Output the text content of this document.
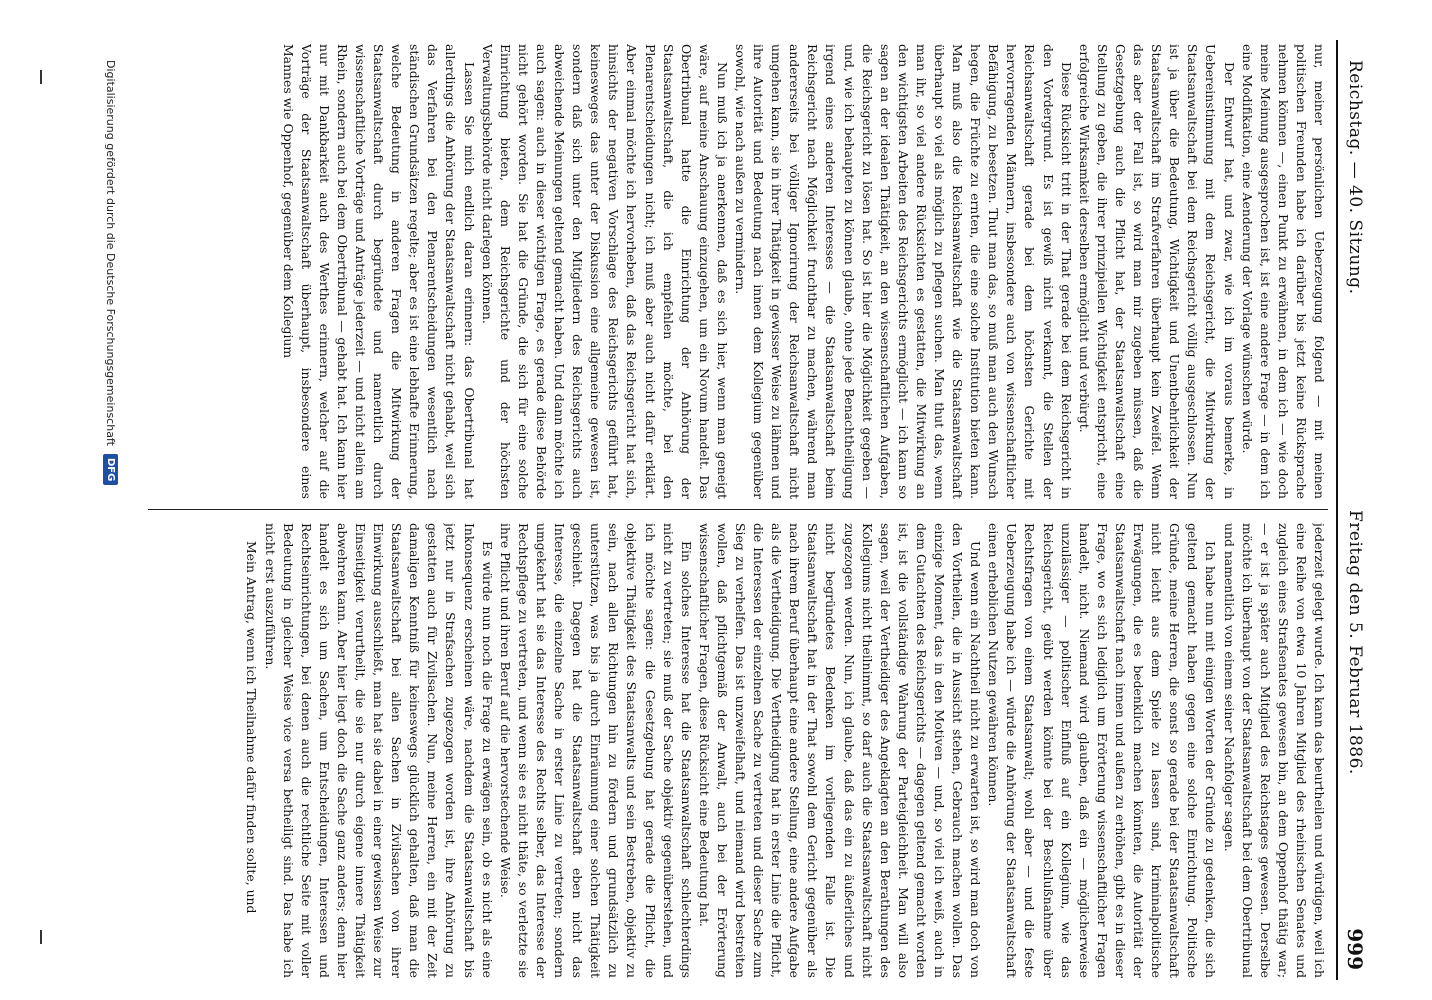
Reichstag. — 40. Sitzung.
Freitag den 5. Februar 1886.
999

nur, meiner persönlichen Ueberzeugung folgend — mit meinen politischen Freunden habe ich darüber bis jetzt keine Rücksprache nehmen können —, einen Punkt zu erwähnen, in dem ich — wie doch meine Meinung ausgesprochen ist, ist eine andere Frage — in dem ich eine Modifikation, eine Aenderung der Vorlage wünschen würde.

Der Entwurf hat, und zwar, wie ich im voraus bemerke, in Uebereinstimmung mit dem Reichsgericht, die Mitwirkung der Staatsanwaltschaft bei dem Reichsgericht völlig ausgeschlossen. Nun ist ja über die Bedeutung, Wichtigkeit und Unentbehrlichkeit der Staatsanwaltschaft im Strafverfahren überhaupt kein Zweifel. Wenn das aber der Fall ist, so wird man mir zugeben müssen, daß die Gesetzgebung auch die Pflicht hat, der Staatsanwaltschaft eine Stellung zu geben, die ihrer prinzipiellen Wichtigkeit entspricht, eine erfolgreiche Wirksamkeit derselben ermöglicht und verbürgt.

Diese Rücksicht tritt in der That gerade bei dem Reichsgericht in den Vordergrund. Es ist gewiß nicht verkannt, die Stellen der Reichsanwaltschaft gerade bei dem höchsten Gerichte mit hervorragenden Männern, insbesondere auch von wissenschaftlicher Befähigung, zu besetzen. Thut man das, so muß man auch den Wunsch hegen, die Früchte zu ernten, die eine solche Institution bieten kann. Man muß also die Reichsanwaltschaft wie die Staatsanwaltschaft überhaupt so viel als möglich zu pflegen suchen. Man thut das, wenn man ihr, so viel andere Rücksichten es gestatten, die Mitwirkung an den wichtigsten Arbeiten des Reichsgerichts ermöglicht — ich kann so sagen an der idealen Thätigkeit, an den wissenschaftlichen Aufgaben, die Reichsgericht zu lösen hat. So ist hier die Möglichkeit gegeben — und, wie ich behaupten zu können glaube, ohne jede Benachtheiligung irgend eines anderen Interesses — die Staatsanwaltschaft beim Reichsgericht nach Möglichkeit fruchtbar zu machen, während man andererseits bei völliger Ignorirung der Reichsanwaltschaft nicht umgehen kann, sie in ihrer Thätigkeit in gewisser Weise zu lähmen und ihre Autorität und Bedeutung nach innen dem Kollegium gegenüber sowohl, wie nach außen zu vermindern.

Nun muß ich ja anerkennen, daß es sich hier, wenn man geneigt wäre, auf meine Anschauung einzugehen, um ein Novum handelt. Das Obertribunal hatte die Einrichtung der Anhörung der Staatsanwaltschaft, die ich empfehlen möchte, bei den Plenarentscheidungen nicht; ich muß aber auch nicht dafür erklärt. Aber einmal möchte ich hervorheben, daß das Reichsgericht hat sich, hinsichts der negativen Vorschlage des Reichsgerichts geführt hat, keinesweges das unter der Diskussion eine allgemeine gewesen ist, sondern daß sich unter den Mitgliedern des Reichsgerichts auch abweichende Meinungen geltend gemacht haben. Und dann möchte ich auch sagen: auch in dieser wichtigen Frage, es gerade diese Behörde nicht gehört worden. Sie hat die Gründe, die sich für eine solche Einrichtung bieten, dem Reichsgerichte und der höchsten Verwaltungsbehörde nicht darlegen können.

Lassen Sie mich endlich daran erinnern: das Obertribunal hat allerdings die Anhörung der Staatsanwaltschaft nicht gehabt, weil sich das Verfahren bei den Plenarentscheidungen wesentlich nach ständischen Grundsätzen regelte; aber es ist eine lebhafte Erinnerung, welche Bedeutung in anderen Fragen die Mitwirkung der Staatsanwaltschaft durch begründete und namentlich durch wissenschaftliche Vorträge und Anträge jederzeit — und nicht allein am Rhein, sondern auch bei dem Obertribunal — gehabt hat. Ich kann hier nur mit Dankbarkeit auch des Werthes erinnern, welcher auf die Vorträge der Staatsanwaltschaft überhaupt, insbesondere eines Mannes wie Oppenhof, gegenüber dem Kollegium

jederzeit gelegt wurde. Ich kann das beurtheilen und würdigen, weil ich eine Reihe von etwa 10 Jahren Mitglied des rheinischen Senates und zugleich eines Strafsenates gewesen bin, an dem Oppenhof thätig war; — er ist ja später auch Mitglied des Reichstages gewesen. Derselbe möchte ich überhaupt von der Staatsanwaltschaft bei dem Obertribunal und namentlich von einem seiner Nachfolger sagen.

Ich habe nun mit einigen Worten der Gründe zu gedenken, die sich geltend gemacht haben gegen eine solche Einrichtung. Politische Gründe, meine Herren, die sonst so gerade bei der Staatsanwaltschaft nicht leicht aus dem Spiele zu lassen sind, kriminalpolitische Erwägungen, die es bedenklich machen könnten, die Autorität der Staatsanwaltschaft nach innen und außen zu erhöhen, gibt es in dieser Frage, wo es sich lediglich um Erörterung wissenschaftlicher Fragen handelt, nicht. Niemand wird glauben, daß ein — möglicherweise unzulässiger — politischer Einfluß auf ein Kollegium, wie das Reichsgericht, geübt werden könnte bei der Beschlußnahme über Rechtsfragen von einem Staatsanwalt; wohl aber — und die feste Ueberzeugung habe ich — würde die Anhörung der Staatsanwaltschaft einen erheblichen Nutzen gewähren können.

Und wenn ein Nachtheil nicht zu erwarten ist, so wird man doch von den Vortheilen, die in Aussicht stehen, Gebrauch machen wollen. Das einzige Moment, das in den Motiven — und, so viel ich weiß, auch in dem Gutachten des Reichsgerichts — dagegen geltend gemacht worden ist, ist die vollständige Wahrung der Parteigleichheit. Man will also sagen, weil der Vertheidiger des Angeklagten an den Berathungen des Kollegiums nicht theilnimmt, so darf auch die Staatsanwaltschaft nicht zugezogen werden. Nun, ich glaube, daß das ein zu äußerliches und nicht begründetes Bedenken im vorliegenden Falle ist. Die Staatsanwaltschaft hat in der That sowohl dem Gericht gegenüber als nach ihrem Beruf überhaupt eine andere Stellung, eine andere Aufgabe als die Vertheidigung. Die Vertheidigung hat in erster Linie die Pflicht, die Interessen der einzelnen Sache zu vertreten und dieser Sache zum Sieg zu verhelfen. Das ist unzweifelhaft, und niemand wird bestreiten wollen, daß pflichtgemäß der Anwalt, auch bei der Erörterung wissenschaftlicher Fragen, diese Rücksicht eine Bedeutung hat.

Ein solches Interesse hat die Staatsanwaltschaft schlechterdings nicht zu vertreten; sie muß der Sache objektiv gegenüberstehen, und ich möchte sagen: die Gesetzgebung hat gerade die Pflicht, die objektive Thätigkeit des Staatsanwalts und sein Bestreben, objektiv zu sein, nach allen Richtungen hin zu fördern und grundsätzlich zu unterstützen, was bis ja durch Einräumung einer solchen Thätigkeit geschieht. Dagegen hat die Staatsanwaltschaft eben nicht das Interesse, die einzelne Sache in erster Linie zu vertreten; sondern umgekehrt hat sie das Interesse des Rechts selber, das Interesse der Rechtspflege zu vertreten, und wenn sie es nicht thäte, so verletzte sie ihre Pflicht und ihren Beruf auf die hervorstechende Weise.

Es würde nun noch die Frage zu erwägen sein, ob es nicht als eine Inkonsequenz erscheinen wäre, nachdem die Staatsanwaltschaft bis jetzt nur in Strafsachen zugezogen worden ist, ihre Anhörung zu gestatten auch für Zivilsachen. Nun, meine Herren, ein mit der Zeit damaligen Kenntniß für keineswegs glücklich gehalten, daß man die Staatsanwaltschaft bei allen Sachen in Zivilsachen von ihrer Einwirkung ausschließt, man hat sie dabei in einer gewissen Weise zur Einseitigkeit verurtheilt, die sie nur durch eigene innere Thätigkeit abwehren kann. Aber hier liegt doch die Sache ganz anders; denn hier handelt es sich um Sachen, um Entscheidungen, Interessen und Rechtseinrichtungen, bei denen auch die rechtliche Seite mit voller Bedeutung in gleicher Weise vice versa betheiligt sind. Das habe ich nicht erst auszuführen.

Mein Antrag, wenn ich Theilnahme dafür finden sollte, und

Digitalisierung gefördert durch die Deutsche Forschungsgemeinschaft
DFG
